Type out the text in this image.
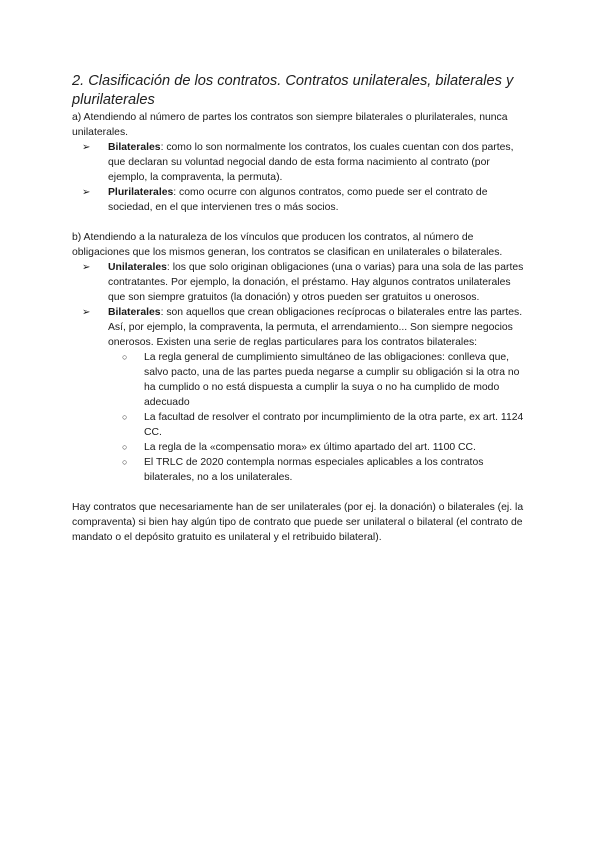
2. Clasificación de los contratos. Contratos unilaterales, bilaterales y plurilaterales

a) Atendiendo al número de partes los contratos son siempre bilaterales o plurilaterales, nunca unilaterales.

➢ Bilaterales: como lo son normalmente los contratos, los cuales cuentan con dos partes, que declaran su voluntad negocial dando de esta forma nacimiento al contrato (por ejemplo, la compraventa, la permuta).
➢ Plurilaterales: como ocurre con algunos contratos, como puede ser el contrato de sociedad, en el que intervienen tres o más socios.

b) Atendiendo a la naturaleza de los vínculos que producen los contratos, al número de obligaciones que los mismos generan, los contratos se clasifican en unilaterales o bilaterales.

➢ Unilaterales: los que solo originan obligaciones (una o varias) para una sola de las partes contratantes. Por ejemplo, la donación, el préstamo. Hay algunos contratos unilaterales que son siempre gratuitos (la donación) y otros pueden ser gratuitos u onerosos.
➢ Bilaterales: son aquellos que crean obligaciones recíprocas o bilaterales entre las partes. Así, por ejemplo, la compraventa, la permuta, el arrendamiento... Son siempre negocios onerosos. Existen una serie de reglas particulares para los contratos bilaterales:
○ La regla general de cumplimiento simultáneo de las obligaciones: conlleva que, salvo pacto, una de las partes pueda negarse a cumplir su obligación si la otra no ha cumplido o no está dispuesta a cumplir la suya o no ha cumplido de modo adecuado
○ La facultad de resolver el contrato por incumplimiento de la otra parte, ex art. 1124 CC.
○ La regla de la «compensatio mora» ex último apartado del art. 1100 CC.
○ El TRLC de 2020 contempla normas especiales aplicables a los contratos bilaterales, no a los unilaterales.

Hay contratos que necesariamente han de ser unilaterales (por ej. la donación) o bilaterales (ej. la compraventa) si bien hay algún tipo de contrato que puede ser unilateral o bilateral (el contrato de mandato o el depósito gratuito es unilateral y el retribuido bilateral).
